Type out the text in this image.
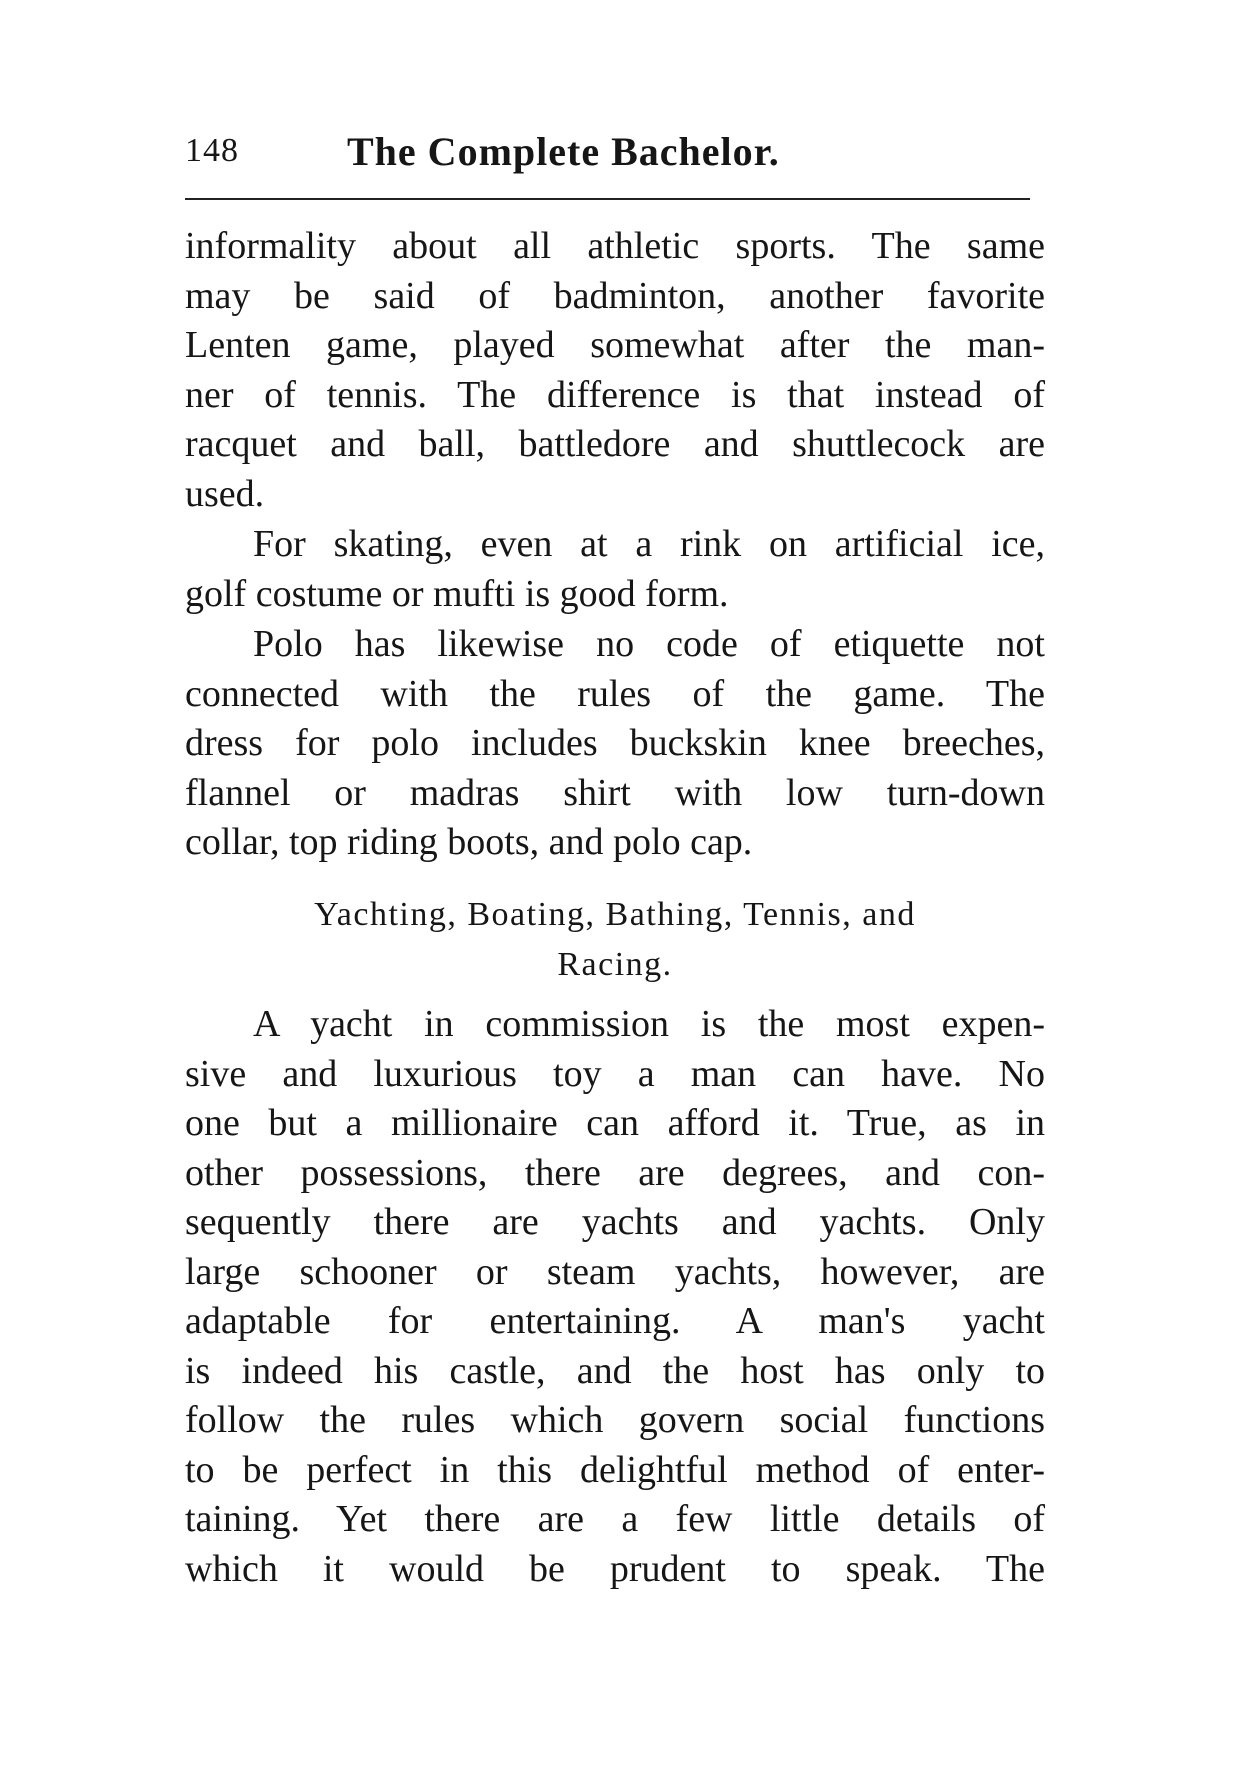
148	The Complete Bachelor.
informality about all athletic sports. The same
may be said of badminton, another favorite
Lenten game, played somewhat after the man-
ner of tennis. The difference is that instead of
racquet and ball, battledore and shuttlecock are
used.
For skating, even at a rink on artificial ice,
golf costume or mufti is good form.
Polo has likewise no code of etiquette not
connected with the rules of the game. The
dress for polo includes buckskin knee breeches,
flannel or madras shirt with low turn-down
collar, top riding boots, and polo cap.
Yachting, Boating, Bathing, Tennis, and
Racing.
A yacht in commission is the most expen-
sive and luxurious toy a man can have. No
one but a millionaire can afford it. True, as in
other possessions, there are degrees, and con-
sequently there are yachts and yachts. Only
large schooner or steam yachts, however, are
adaptable for entertaining. A man's yacht
is indeed his castle, and the host has only to
follow the rules which govern social functions
to be perfect in this delightful method of enter-
taining. Yet there are a few little details of
which it would be prudent to speak. The
